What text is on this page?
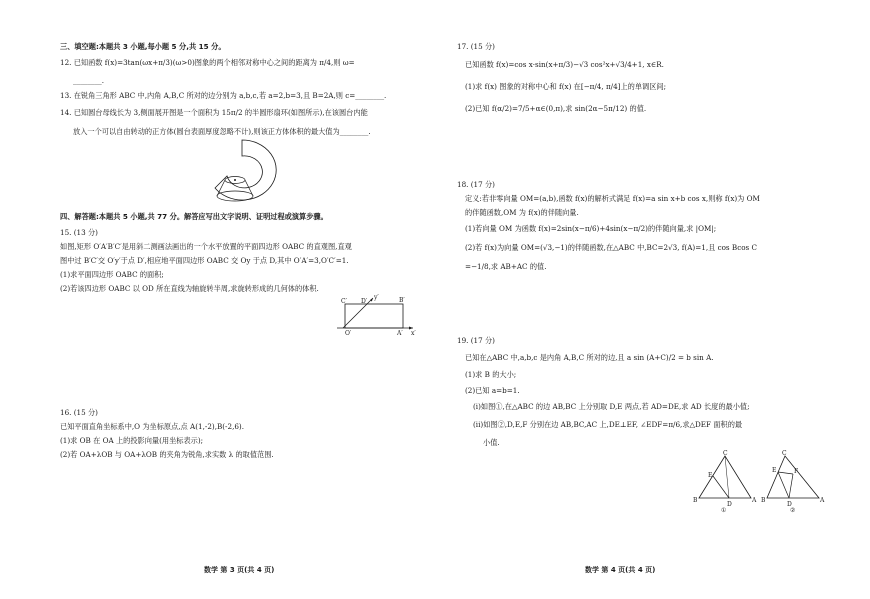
三、填空题:本题共 3 小题,每小题 5 分,共 15 分。
12. 已知函数 f(x)=3tan(ωx+π/3)(ω>0)图象的两个相邻对称中心之间的距离为 π/4,则 ω=
________.
13. 在锐角三角形 ABC 中,内角 A,B,C 所对的边分别为 a,b,c,若 a=2,b=3,且 B=2A,则 c=________.
14. 已知圆台母线长为 3,侧面展开图是一个面积为 15π/2 的半圆形扇环(如图所示),在该圆台内能
放入一个可以自由转动的正方体(圆台表面厚度忽略不计),则该正方体体积的最大值为________.
四、解答题:本题共 5 小题,共 77 分。解答应写出文字说明、证明过程或演算步骤。
15. (13 分)
如图,矩形 O′A′B′C′是用斜二测画法画出的一个水平放置的平面四边形 OABC 的直观图,直观
图中过 B′C′交 O′y′于点 D′,相应地平面四边形 OABC 交 Oy 于点 D,其中 O′A′=3,O′C′=1.
(1)求平面四边形 OABC 的面积;
(2)若该四边形 OABC 以 OD 所在直线为轴旋转半周,求旋转形成的几何体的体积.
C′ D′
y′	B′
O′	A′ x′
16. (15 分)
已知平面直角坐标系中,O 为坐标原点,点 A(1,-2),B(-2,6).
(1)求 OB 在 OA 上的投影向量(用坐标表示);
(2)若 OA+λOB 与 OA+λOB 的夹角为锐角,求实数 λ 的取值范围.
数学 第 3 页(共 4 页)
17. (15 分)
已知函数 f(x)=cos x·sin(x+π/3)−√3 cos²x+√3/4+1, x∈R.
(1)求 f(x) 图象的对称中心和 f(x) 在[−π/4, π/4]上的单调区间;
(2)已知 f(α/2)=7/5+α∈(0,π),求 sin(2α−5π/12) 的值.
18. (17 分)
定义:若非零向量 OM=(a,b),函数 f(x)的解析式满足 f(x)=a sin x+b cos x,则称 f(x)为 OM
的伴随函数,OM 为 f(x)的伴随向量.
(1)若向量 OM 为函数 f(x)=2sin(x−π/6)+4sin(x−π/2)的伴随向量,求 |OM|;
(2)若 f(x)为向量 OM=(√3,−1)的伴随函数,在△ABC 中,BC=2√3, f(A)=1,且 cos Bcos C
=−1/8,求 AB+AC 的值.
19. (17 分)
已知在△ABC 中,a,b,c 是内角 A,B,C 所对的边,且 a sin (A+C)/2 = b sin A.
(1)求 B 的大小;
(2)已知 a=b=1.
(i)如图①,在△ABC 的边 AB,BC 上分别取 D,E 两点,若 AD=DE,求 AD 长度的最小值;
(ii)如图②,D,E,F 分别在边 AB,BC,AC 上,DE⊥EF, ∠EDF=π/6,求△DEF 面积的最
小值.
C
E
B
D
A
①
C
F
E
B
D
A
②
数学 第 4 页(共 4 页)
